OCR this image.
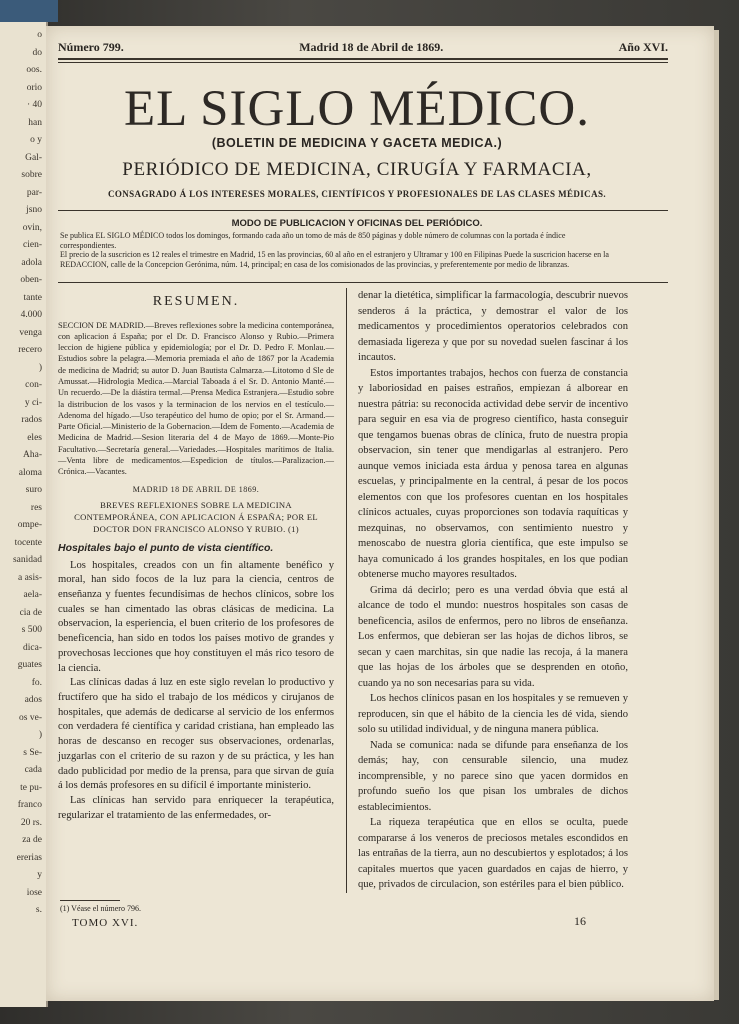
o
do
oos.
orio
· 40
han
o y
Gal-
sobre
par-
jsno
ovin,
cien-
adola
oben-
tante
4.000
venga
recero
)
con-
y ci-
rados
eles
Aha-
aloma
suro
res
ompe-
tocente
sanidad
a asis-
aela-
cia de
s 500
dica-
guates
fo.
ados
os ve-
)
s Se-
cada
te pu-
franco
20 rs.
za de
ererias
y
iose
s.
Número 799.	Madrid 18 de Abril de 1869.	Año XVI.
EL SIGLO MÉDICO.
(BOLETIN DE MEDICINA Y GACETA MEDICA.)
PERIÓDICO DE MEDICINA, CIRUGÍA Y FARMACIA,
CONSAGRADO Á LOS INTERESES MORALES, CIENTÍFICOS Y PROFESIONALES DE LAS CLASES MÉDICAS.
MODO DE PUBLICACION Y OFICINAS DEL PERIÓDICO.
Se publica EL SIGLO MÉDICO todos los domingos, formando cada año un tomo de más de 850 páginas y doble número de columnas con la portada é índice correspondientes.
El precio de la suscricion es 12 reales el trimestre en Madrid, 15 en las provincias, 60 al año en el estranjero y Ultramar y 100 en Filipinas Puede la suscricion hacerse en la REDACCION, calle de la Concepcion Gerónima, núm. 14, principal; en casa de los comisionados de las provincias, y preferentemente por medio de libranzas.
RESUMEN.
SECCION DE MADRID.—Breves reflexiones sobre la medicina contemporánea, con aplicacion á España; por el Dr. D. Francisco Alonso y Rubio.—Primera leccion de higiene pública y epidemiología; por el Dr. D. Pedro F. Monlau.—Estudios sobre la pelagra.—Memoria premiada el año de 1867 por la Academia de medicina de Madrid; su autor D. Juan Bautista Calmarza.—Litotomo d Sle de Amussat.—Hidrologia Medica.—Marcial Taboada á el Sr. D. Antonio Manté.—Un recuerdo.—De la diástira termal.—Prensa Medica Estranjera.—Estudio sobre la distribucion de los vasos y la terminacion de los nervios en el testículo.—Adenoma del hígado.—Uso terapéutico del humo de opio; por el Sr. Armand.—Parte Oficial.—Ministerio de la Gobernacion.—Idem de Fomento.—Academia de Medicina de Madrid.—Sesion literaria del 4 de Mayo de 1869.—Monte-Pio Facultativo.—Secretaría general.—Variedades.—Hospitales marítimos de Italia.—Venta libre de medicamentos.—Espedicion de títulos.—Paralizacion.—Crónica.—Vacantes.
MADRID 18 DE ABRIL DE 1869.
BREVES REFLEXIONES SOBRE LA MEDICINA CONTEMPORÁNEA, CON APLICACION Á ESPAÑA; POR EL DOCTOR DON FRANCISCO ALONSO Y RUBIO. (1)
Hospitales bajo el punto de vista científico.

Los hospitales, creados con un fin altamente benéfico y moral, han sido focos de la luz para la ciencia, centros de enseñanza y fuentes fecundísimas de hechos clínicos, sobre los cuales se han cimentado las obras clásicas de medicina. La observacion, la esperiencia, el buen criterio de los profesores de beneficencia, han sido en todos los países motivo de grandes y provechosas lecciones que hoy constituyen el más rico tesoro de la ciencia.

Las clínicas dadas á luz en este siglo revelan lo productivo y fructífero que ha sido el trabajo de los médicos y cirujanos de hospitales, que además de dedicarse al servicio de los enfermos con verdadera fé científica y caridad cristiana, han empleado las horas de descanso en recoger sus observaciones, ordenarlas, juzgarlas con el criterio de su razon y de su práctica, y les han dado publicidad por medio de la prensa, para que sirvan de guía á los demás profesores en su difícil é importante ministerio.

Las clínicas han servido para enriquecer la terapéutica, regularizar el tratamiento de las enfermedades, or-

denar la dietética, simplificar la farmacología, descubrir nuevos senderos á la práctica, y demostrar el valor de los medicamentos y procedimientos operatorios celebrados con demasiada ligereza y que por su novedad suelen fascinar á los incautos.

Estos importantes trabajos, hechos con fuerza de constancia y laboriosidad en paises estraños, empiezan á alborear en nuestra pátria: su reconocida actividad debe servir de incentivo para seguir en esa via de progreso científico, hasta conseguir que tengamos buenas obras de clínica, fruto de nuestra propia observacion, sin tener que mendigarlas al estranjero. Pero aunque vemos iniciada esta árdua y penosa tarea en algunas escuelas, y principalmente en la central, á pesar de los pocos elementos con que los profesores cuentan en los hospitales clínicos actuales, cuyas proporciones son todavía raquíticas y mezquinas, no observamos, con sentimiento nuestro y menoscabo de nuestra gloria científica, que este impulso se haya comunicado á los grandes hospitales, en los que podian obtenerse mucho mayores resultados.

Grima dá decirlo; pero es una verdad óbvia que está al alcance de todo el mundo: nuestros hospitales son casas de beneficencia, asilos de enfermos, pero no libros de enseñanza. Los enfermos, que debieran ser las hojas de dichos libros, se secan y caen marchitas, sin que nadie las recoja, á la manera que las hojas de los árboles que se desprenden en otoño, cuando ya no son necesarias para su vida.

Los hechos clínicos pasan en los hospitales y se remueven y reproducen, sin que el hábito de la ciencia les dé vida, siendo solo su utilidad individual, y de ninguna manera pública.

Nada se comunica: nada se difunde para enseñanza de los demás; hay, con censurable silencio, una mudez incomprensible, y no parece sino que yacen dormidos en profundo sueño los que pisan los umbrales de dichos establecimientos.

La riqueza terapéutica que en ellos se oculta, puede compararse á los veneros de preciosos metales escondidos en las entrañas de la tierra, aun no descubiertos y esplotados; á los capitales muertos que yacen guardados en cajas de hierro, y que, privados de circulacion, son estériles para el bien público.

(1) Véase el número 796.
TOMO XVI.	16
